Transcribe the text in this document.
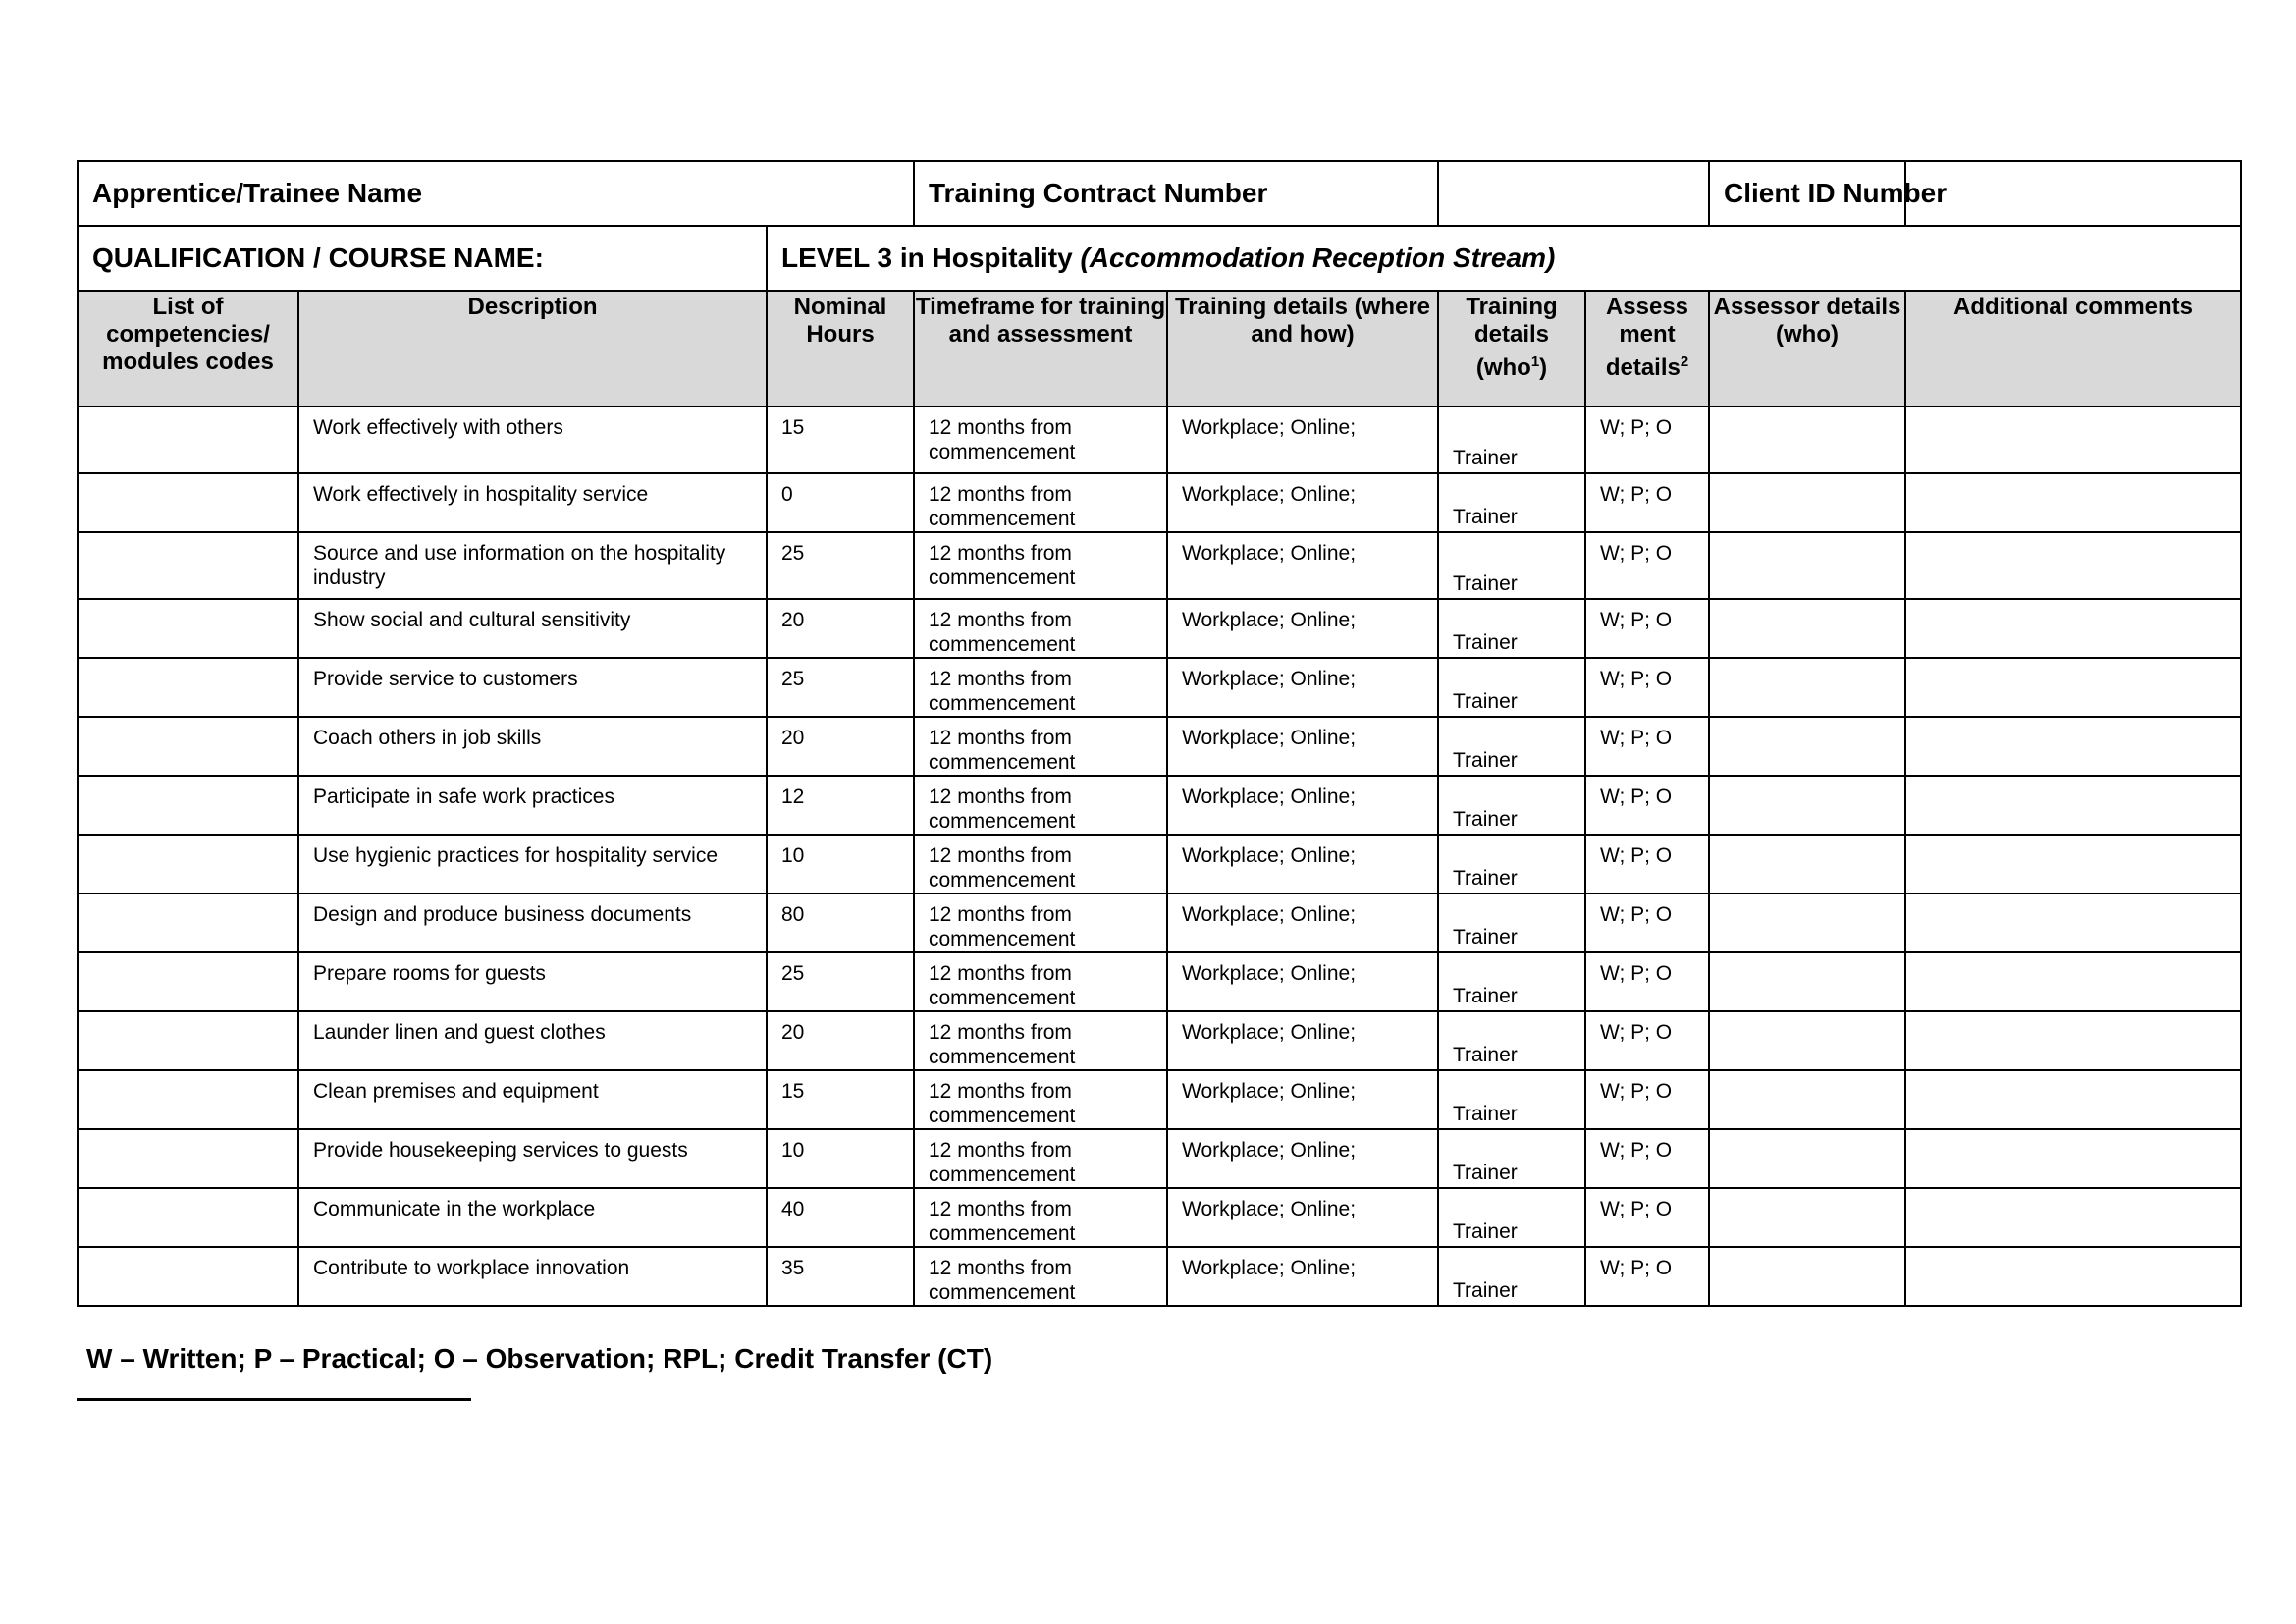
Apprentice/Trainee Name			Training Contract Number				Client ID Number	
QUALIFICATION / COURSE NAME:		LEVEL 3 in Hospitality (Accommodation Reception Stream)						
List of competencies/ modules codes	Description	Nominal Hours	Timeframe for training and assessment	Training details (where and how)	Training details (who$^1$)	Assess ment details$^2$	Assessor details (who)	Additional comments
	Work effectively with others	15	12 months from commencement	Workplace; Online;	Trainer	W; P; O		
	Work effectively in hospitality service	0	12 months from commencement	Workplace; Online;	Trainer	W; P; O		
	Source and use information on the hospitality industry	25	12 months from commencement	Workplace; Online;	Trainer	W; P; O		
	Show social and cultural sensitivity	20	12 months from commencement	Workplace; Online;	Trainer	W; P; O		
	Provide service to customers	25	12 months from commencement	Workplace; Online;	Trainer	W; P; O		
	Coach others in job skills	20	12 months from commencement	Workplace; Online;	Trainer	W; P; O		
	Participate in safe work practices	12	12 months from commencement	Workplace; Online;	Trainer	W; P; O		
	Use hygienic practices for hospitality service	10	12 months from commencement	Workplace; Online;	Trainer	W; P; O		
	Design and produce business documents	80	12 months from commencement	Workplace; Online;	Trainer	W; P; O		
	Prepare rooms for guests	25	12 months from commencement	Workplace; Online;	Trainer	W; P; O		
	Launder linen and guest clothes	20	12 months from commencement	Workplace; Online;	Trainer	W; P; O		
	Clean premises and equipment	15	12 months from commencement	Workplace; Online;	Trainer	W; P; O		
	Provide housekeeping services to guests	10	12 months from commencement	Workplace; Online;	Trainer	W; P; O		
	Communicate in the workplace	40	12 months from commencement	Workplace; Online;	Trainer	W; P; O		
	Contribute to workplace innovation	35	12 months from commencement	Workplace; Online;	Trainer	W; P; O		
W – Written; P – Practical; O – Observation; RPL; Credit Transfer (CT)
